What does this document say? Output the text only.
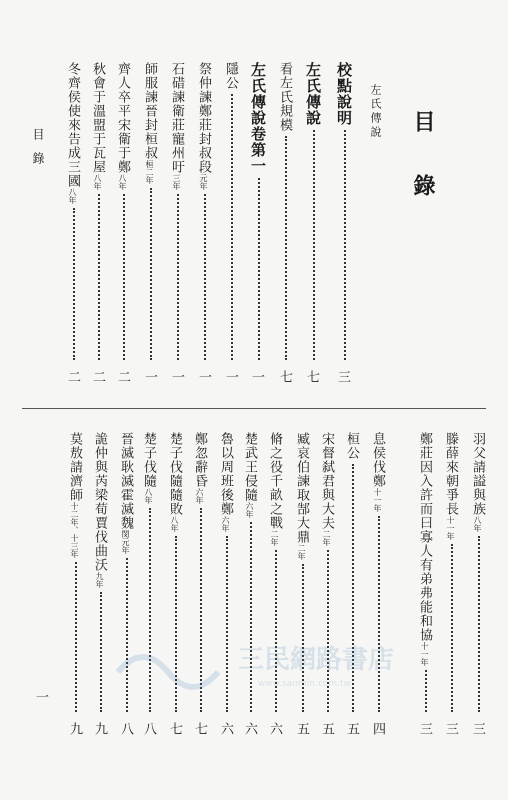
目錄
一
目錄
左氏傳說
校點說明
三
左氏傳說
七
看左氏規模
七
左氏傳說卷第一
一
隱公
一
祭仲諫鄭莊封叔段元年
一
石碏諫衛莊寵州吁三年
一
師服諫晉封桓叔桓二年
一
齊人卒平宋衛于鄭八年
二
秋會于溫盟于瓦屋八年
二
冬齊侯使來告成三國八年
二
羽父請謚與族八年
三
滕薛來朝爭長十一年
三
鄭莊因入許而曰寡人有弟弗能和協十一年
三
息侯伐鄭十一年
四
桓公
五
宋督弑君與大夫二年
五
臧哀伯諫取郜大鼎二年
五
脩之役千畝之戰二年
六
楚武王侵隨六年
六
魯以周班後鄭六年
六
鄭忽辭昏六年
七
楚子伐隨隨敗八年
七
楚子伐隨八年
八
晉滅耿滅霍滅魏閔元年
八
詭仲與芮梁荀賈伐曲沃九年
九
莫敖請濟師十二年、十三年
九
三民網路書店
www.sanmin.com.tw
